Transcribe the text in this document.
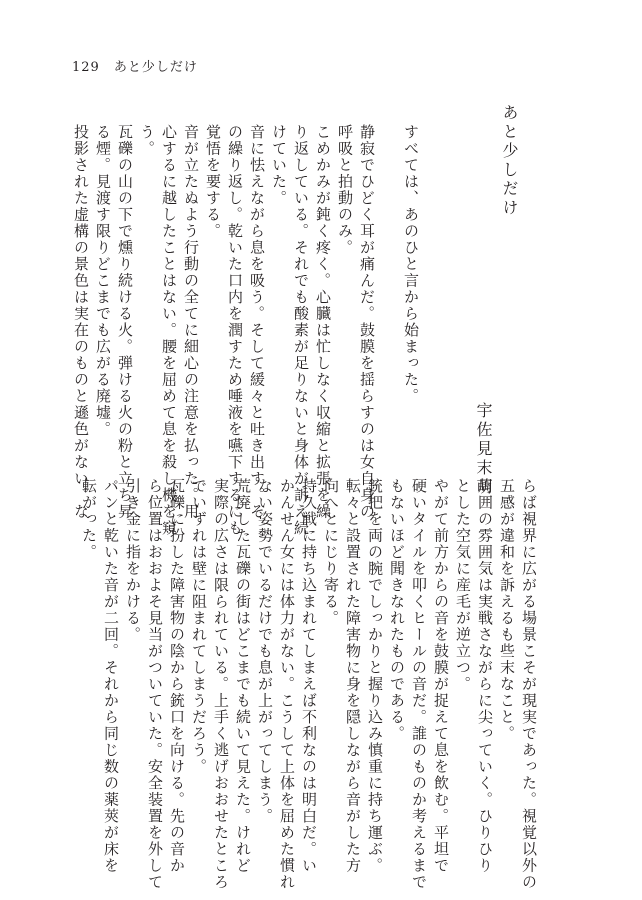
129 あと少しだけ
あと少しだけ
宇佐見末萌
すべては、あのひと言から始まった。
静寂でひどく耳が痛んだ。鼓膜を揺らすのは女自身の
呼吸と拍動のみ。
こめかみが鈍く疼く。心臓は忙しなく収縮と拡張を繰
り返している。それでも酸素が足りないと身体が訴え続
けていた。
音に怯えながら息を吸う。そして緩々と吐き出す。そ
の繰り返し。乾いた口内を潤すため唾液を嚥下するにも
覚悟を要する。
音が立たぬよう行動の全てに細心の注意を払った。用
心するに越したことはない。腰を屈めて息を殺し機を窺
う。
瓦礫の山の下で燻り続ける火。弾ける火の粉と立ち昇
る煙。見渡す限りどこまでも広がる廃墟。
投影された虚構の景色は実在のものと遜色がない。な
らば視界に広がる場景こそが現実であった。視覚以外の
五感が違和を訴えるも些末なこと。
周囲の雰囲気は実戦さながらに尖っていく。ひりひり
とした空気に産毛が逆立つ。
やがて前方からの音を鼓膜が捉えて息を飲む。平坦で
硬いタイルを叩くヒールの音だ。誰のものか考えるまで
もないほど聞きなれたものである。
銃把を両の腕でしっかりと握り込み慎重に持ち運ぶ。
転々と設置された障害物に身を隠しながら音がした方
向へとにじり寄る。
持久戦に持ち込まれてしまえば不利なのは明白だ。い
かんせん女には体力がない。こうして上体を屈めた慣れ
ない姿勢でいるだけでも息が上がってしまう。
荒廃した瓦礫の街はどこまでも続いて見えた。けれど
実際の広さは限られている。上手く逃げおおせたところ
でいずれは壁に阻まれてしまうだろう。
瓦礫に扮した障害物の陰から銃口を向ける。先の音か
ら位置はおおよそ見当がついていた。安全装置を外して
引き金に指をかける。
パンと乾いた音が二回。それから同じ数の薬莢が床を
転がった。
